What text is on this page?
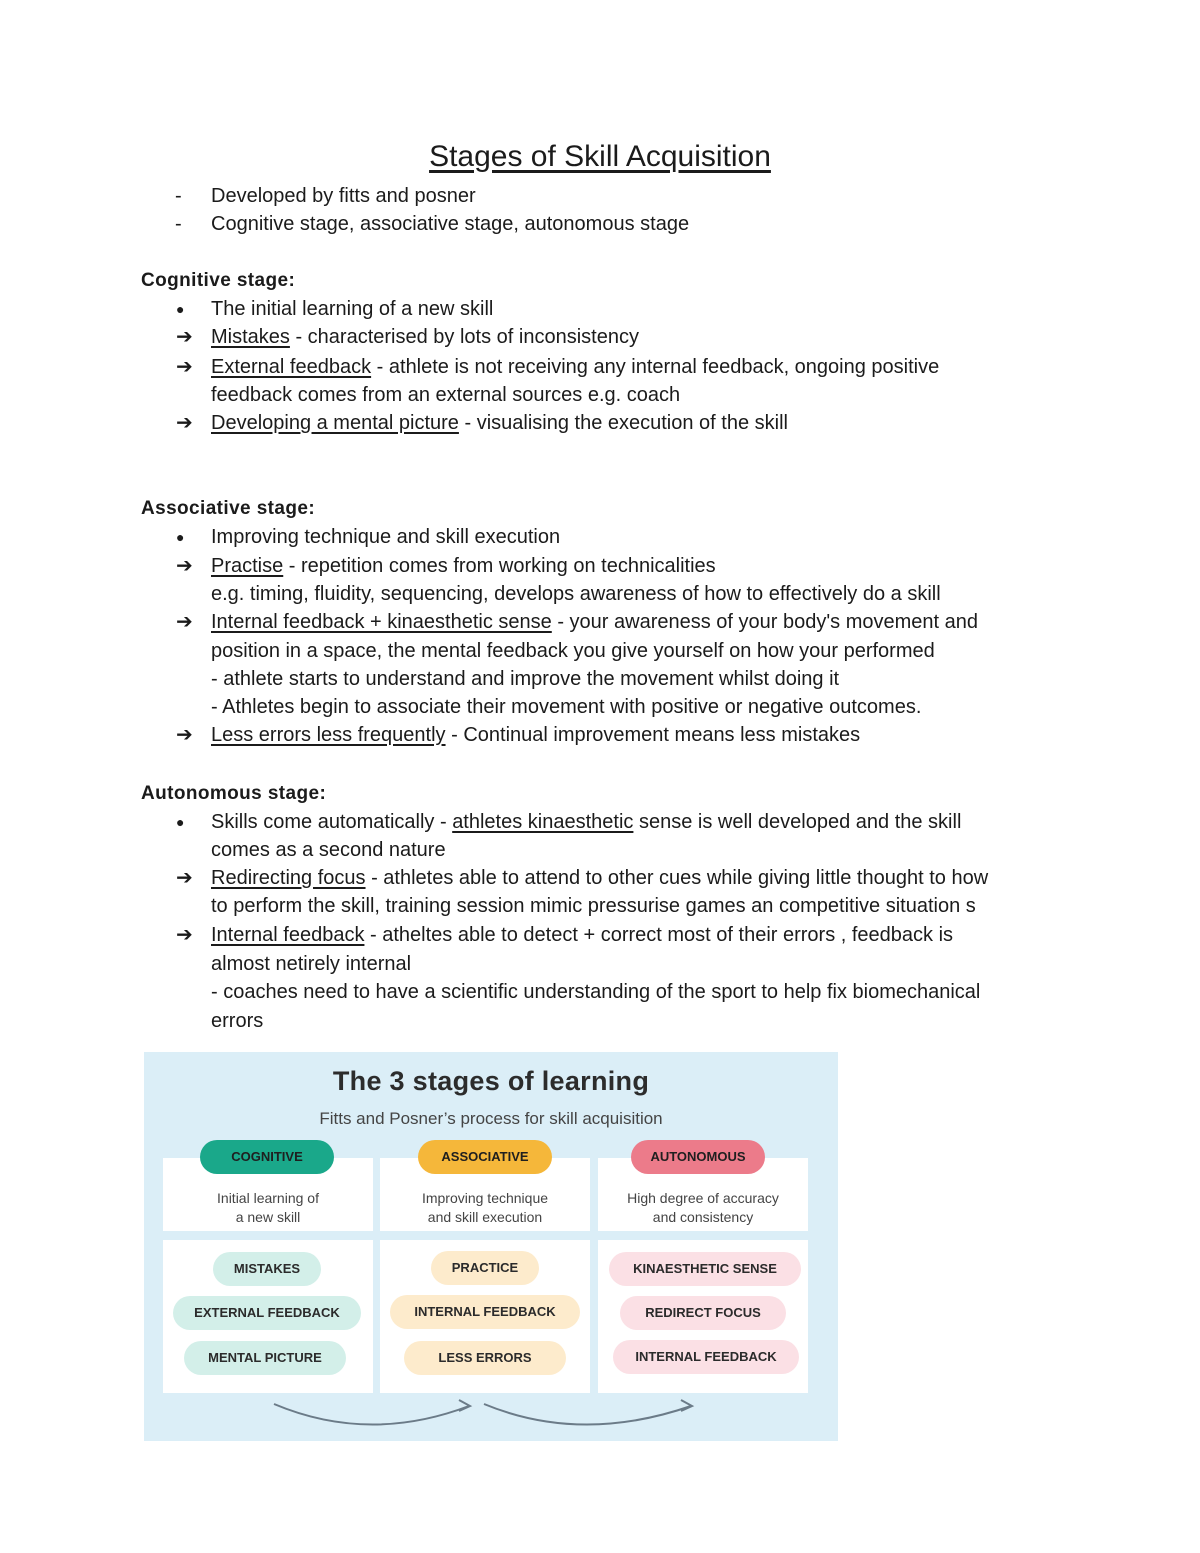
Stages of Skill Acquisition
- Developed by fitts and posner
- Cognitive stage, associative stage, autonomous stage
Cognitive stage:
● The initial learning of a new skill
➔ Mistakes - characterised by lots of inconsistency
➔ External feedback - athlete is not receiving any internal feedback, ongoing positive
feedback comes from an external sources e.g. coach
➔ Developing a mental picture - visualising the execution of the skill
Associative stage:
● Improving technique and skill execution
➔ Practise - repetition comes from working on technicalities
e.g. timing, fluidity, sequencing, develops awareness of how to effectively do a skill
➔ Internal feedback + kinaesthetic sense - your awareness of your body's movement and
position in a space, the mental feedback you give yourself on how your performed
- athlete starts to understand and improve the movement whilst doing it
- Athletes begin to associate their movement with positive or negative outcomes.
➔ Less errors less frequently - Continual improvement means less mistakes
Autonomous stage:
● Skills come automatically - athletes kinaesthetic sense is well developed and the skill
comes as a second nature
➔ Redirecting focus - athletes able to attend to other cues while giving little thought to how
to perform the skill, training session mimic pressurise games an competitive situation s
➔ Internal feedback - atheltes able to detect + correct most of their errors , feedback is
almost netirely internal
- coaches need to have a scientific understanding of the sport to help fix biomechanical
errors
The 3 stages of learning
Fitts and Posner’s process for skill acquisition
Initial learning of
a new skill
Improving technique
and skill execution
High degree of accuracy
and consistency
COGNITIVE	ASSOCIATIVE	AUTONOMOUS
MISTAKES
EXTERNAL FEEDBACK
MENTAL PICTURE
PRACTICE
INTERNAL FEEDBACK
LESS ERRORS
KINAESTHETIC SENSE
REDIRECT FOCUS
INTERNAL FEEDBACK
